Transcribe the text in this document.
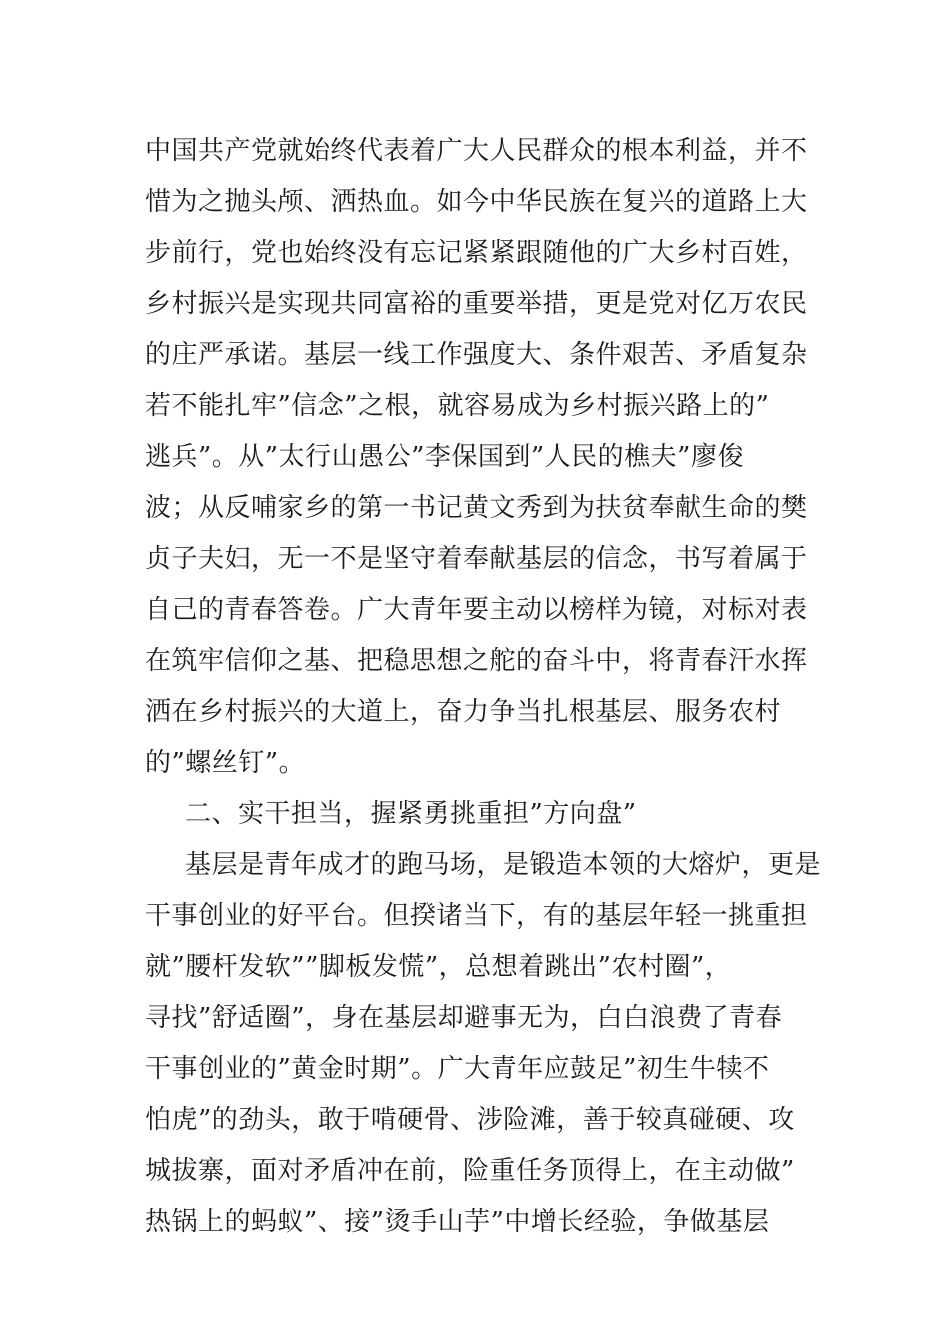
中国共产党就始终代表着广大人民群众的根本利益，并不
惜为之抛头颅、洒热血。如今中华民族在复兴的道路上大
步前行，党也始终没有忘记紧紧跟随他的广大乡村百姓，
乡村振兴是实现共同富裕的重要举措，更是党对亿万农民
的庄严承诺。基层一线工作强度大、条件艰苦、矛盾复杂
若不能扎牢”信念”之根，就容易成为乡村振兴路上的”
逃兵”。从”太行山愚公”李保国到”人民的樵夫”廖俊
波；从反哺家乡的第一书记黄文秀到为扶贫奉献生命的樊
贞子夫妇，无一不是坚守着奉献基层的信念，书写着属于
自己的青春答卷。广大青年要主动以榜样为镜，对标对表
在筑牢信仰之基、把稳思想之舵的奋斗中，将青春汗水挥
洒在乡村振兴的大道上，奋力争当扎根基层、服务农村
的”螺丝钉”。
二、实干担当，握紧勇挑重担”方向盘”
基层是青年成才的跑马场，是锻造本领的大熔炉，更是
干事创业的好平台。但揆诸当下，有的基层年轻一挑重担
就”腰杆发软””脚板发慌”，总想着跳出”农村圈”，
寻找”舒适圈”，身在基层却避事无为，白白浪费了青春
干事创业的”黄金时期”。广大青年应鼓足”初生牛犊不
怕虎”的劲头，敢于啃硬骨、涉险滩，善于较真碰硬、攻
城拔寨，面对矛盾冲在前，险重任务顶得上，在主动做”
热锅上的蚂蚁”、接”烫手山芋”中增长经验，争做基层
